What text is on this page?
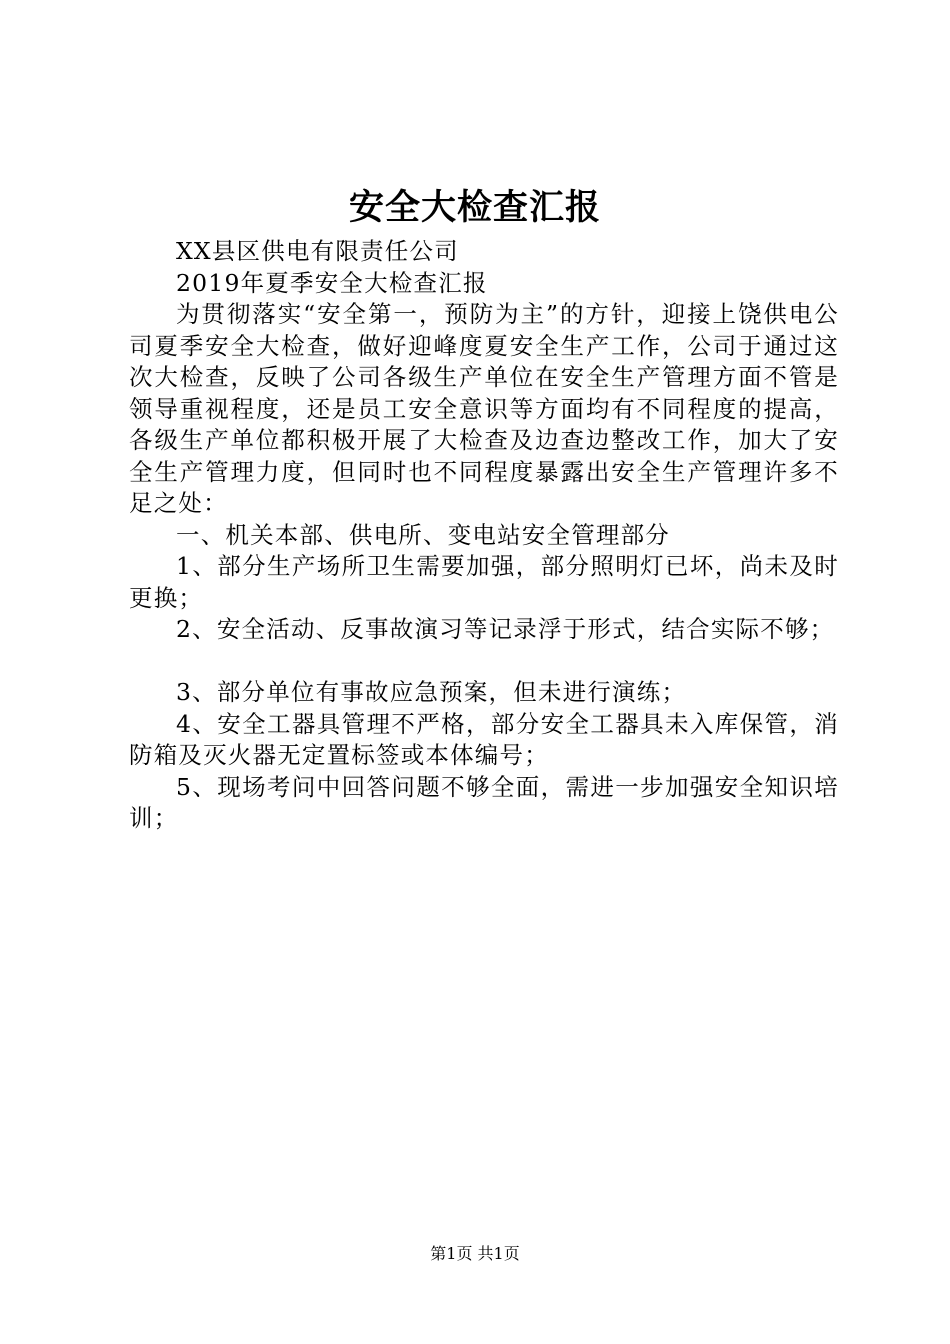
安全大检查汇报

XX县区供电有限责任公司

2019年夏季安全大检查汇报

为贯彻落实“安全第一，预防为主”的方针，迎接上饶供电公司夏季安全大检查，做好迎峰度夏安全生产工作，公司于通过这次大检查，反映了公司各级生产单位在安全生产管理方面不管是领导重视程度，还是员工安全意识等方面均有不同程度的提高，各级生产单位都积极开展了大检查及边查边整改工作，加大了安全生产管理力度，但同时也不同程度暴露出安全生产管理许多不足之处：

一、机关本部、供电所、变电站安全管理部分

1、部分生产场所卫生需要加强，部分照明灯已坏，尚未及时更换；

2、安全活动、反事故演习等记录浮于形式，结合实际不够；

3、部分单位有事故应急预案，但未进行演练；

4、安全工器具管理不严格，部分安全工器具未入库保管，消防箱及灭火器无定置标签或本体编号；

5、现场考问中回答问题不够全面，需进一步加强安全知识培训；

第1页 共1页
